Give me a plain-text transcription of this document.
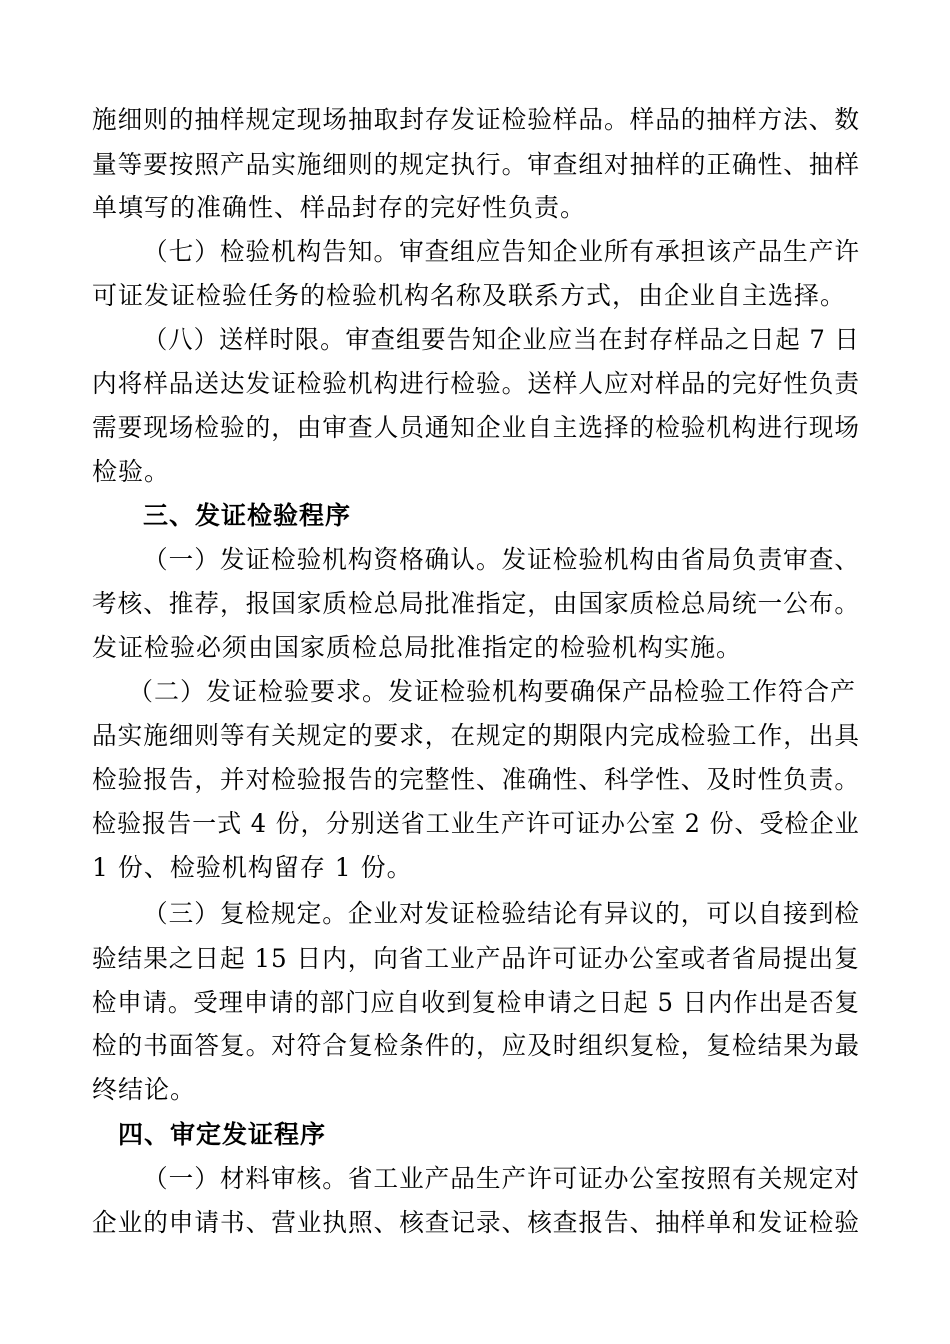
施细则的抽样规定现场抽取封存发证检验样品。样品的抽样方法、数
量等要按照产品实施细则的规定执行。审查组对抽样的正确性、抽样
单填写的准确性、样品封存的完好性负责。
（七）检验机构告知。审查组应告知企业所有承担该产品生产许
可证发证检验任务的检验机构名称及联系方式，由企业自主选择。
（八）送样时限。审查组要告知企业应当在封存样品之日起 7 日
内将样品送达发证检验机构进行检验。送样人应对样品的完好性负责
需要现场检验的，由审查人员通知企业自主选择的检验机构进行现场
检验。
三、发证检验程序
（一）发证检验机构资格确认。发证检验机构由省局负责审查、
考核、推荐，报国家质检总局批准指定，由国家质检总局统一公布。
发证检验必须由国家质检总局批准指定的检验机构实施。
（二）发证检验要求。发证检验机构要确保产品检验工作符合产
品实施细则等有关规定的要求，在规定的期限内完成检验工作，出具
检验报告，并对检验报告的完整性、准确性、科学性、及时性负责。
检验报告一式 4 份，分别送省工业生产许可证办公室 2 份、受检企业
1 份、检验机构留存 1 份。
（三）复检规定。企业对发证检验结论有异议的，可以自接到检
验结果之日起 15 日内，向省工业产品许可证办公室或者省局提出复
检申请。受理申请的部门应自收到复检申请之日起 5 日内作出是否复
检的书面答复。对符合复检条件的，应及时组织复检，复检结果为最
终结论。
四、审定发证程序
（一）材料审核。省工业产品生产许可证办公室按照有关规定对
企业的申请书、营业执照、核查记录、核查报告、抽样单和发证检验
